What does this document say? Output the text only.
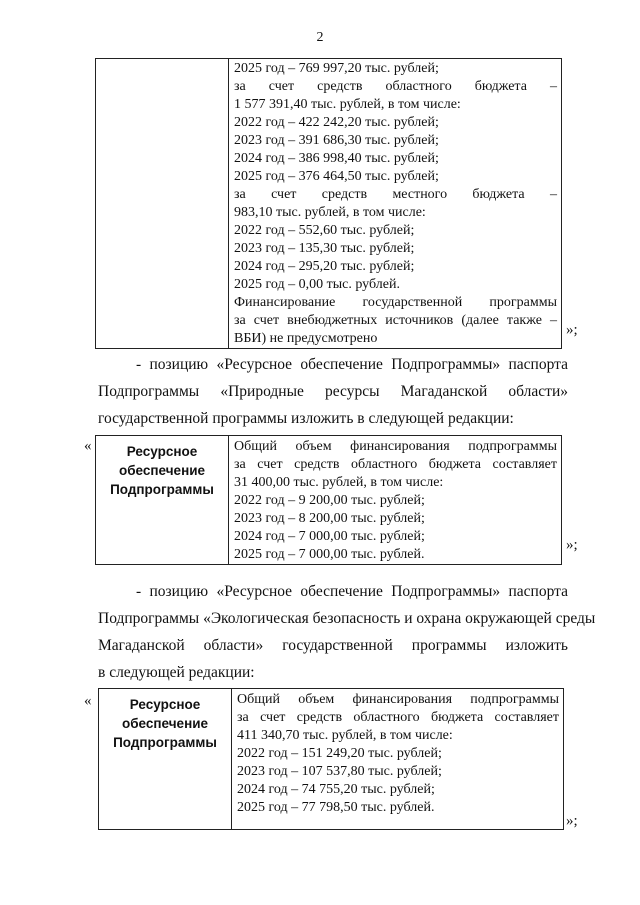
2

2025 год – 769 997,20 тыс. рублей;
за счет средств областного бюджета –
1 577 391,40 тыс. рублей, в том числе:
2022 год – 422 242,20 тыс. рублей;
2023 год – 391 686,30 тыс. рублей;
2024 год – 386 998,40 тыс. рублей;
2025 год – 376 464,50 тыс. рублей;
за счет средств местного бюджета –
983,10 тыс. рублей, в том числе:
2022 год – 552,60 тыс. рублей;
2023 год – 135,30 тыс. рублей;
2024 год – 295,20 тыс. рублей;
2025 год – 0,00 тыс. рублей.
Финансирование государственной программы
за счет внебюджетных источников (далее также –
ВБИ) не предусмотрено
»;
- позицию «Ресурсное обеспечение Подпрограммы» паспорта
Подпрограммы «Природные ресурсы Магаданской области»
государственной программы изложить в следующей редакции:
«	Ресурсное
обеспечение
Подпрограммы

Общий объем финансирования подпрограммы
за счет средств областного бюджета составляет
31 400,00 тыс. рублей, в том числе:
2022 год – 9 200,00 тыс. рублей;
2023 год – 8 200,00 тыс. рублей;
2024 год – 7 000,00 тыс. рублей;
2025 год – 7 000,00 тыс. рублей.
»;
- позицию «Ресурсное обеспечение Подпрограммы» паспорта
Подпрограммы «Экологическая безопасность и охрана окружающей среды
Магаданской области» государственной программы изложить
в следующей редакции:
«	Ресурсное
обеспечение
Подпрограммы

Общий объем финансирования подпрограммы
за счет средств областного бюджета составляет
411 340,70 тыс. рублей, в том числе:
2022 год – 151 249,20 тыс. рублей;
2023 год – 107 537,80 тыс. рублей;
2024 год – 74 755,20 тыс. рублей;
2025 год – 77 798,50 тыс. рублей.
»;
